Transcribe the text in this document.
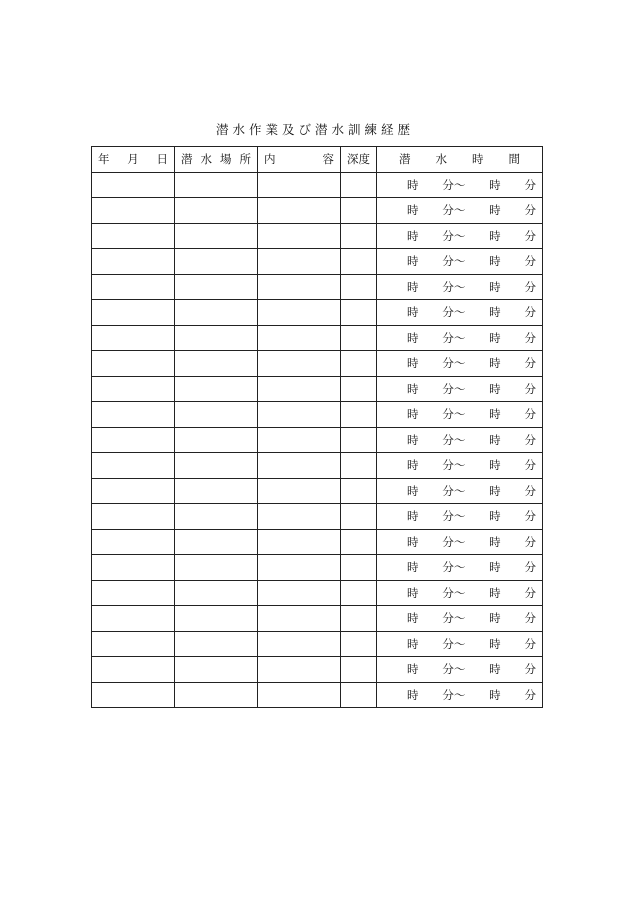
潜水作業及び潜水訓練経歴
年 月 日	潜 水 場 所	内 容	深度	潜 水 時 間

				時 分〜 時 分

				時 分〜 時 分

				時 分〜 時 分

				時 分〜 時 分

				時 分〜 時 分

				時 分〜 時 分

				時 分〜 時 分

				時 分〜 時 分

				時 分〜 時 分

				時 分〜 時 分

				時 分〜 時 分

				時 分〜 時 分

				時 分〜 時 分

				時 分〜 時 分

				時 分〜 時 分

				時 分〜 時 分

				時 分〜 時 分

				時 分〜 時 分

				時 分〜 時 分

				時 分〜 時 分

				時 分〜 時 分
